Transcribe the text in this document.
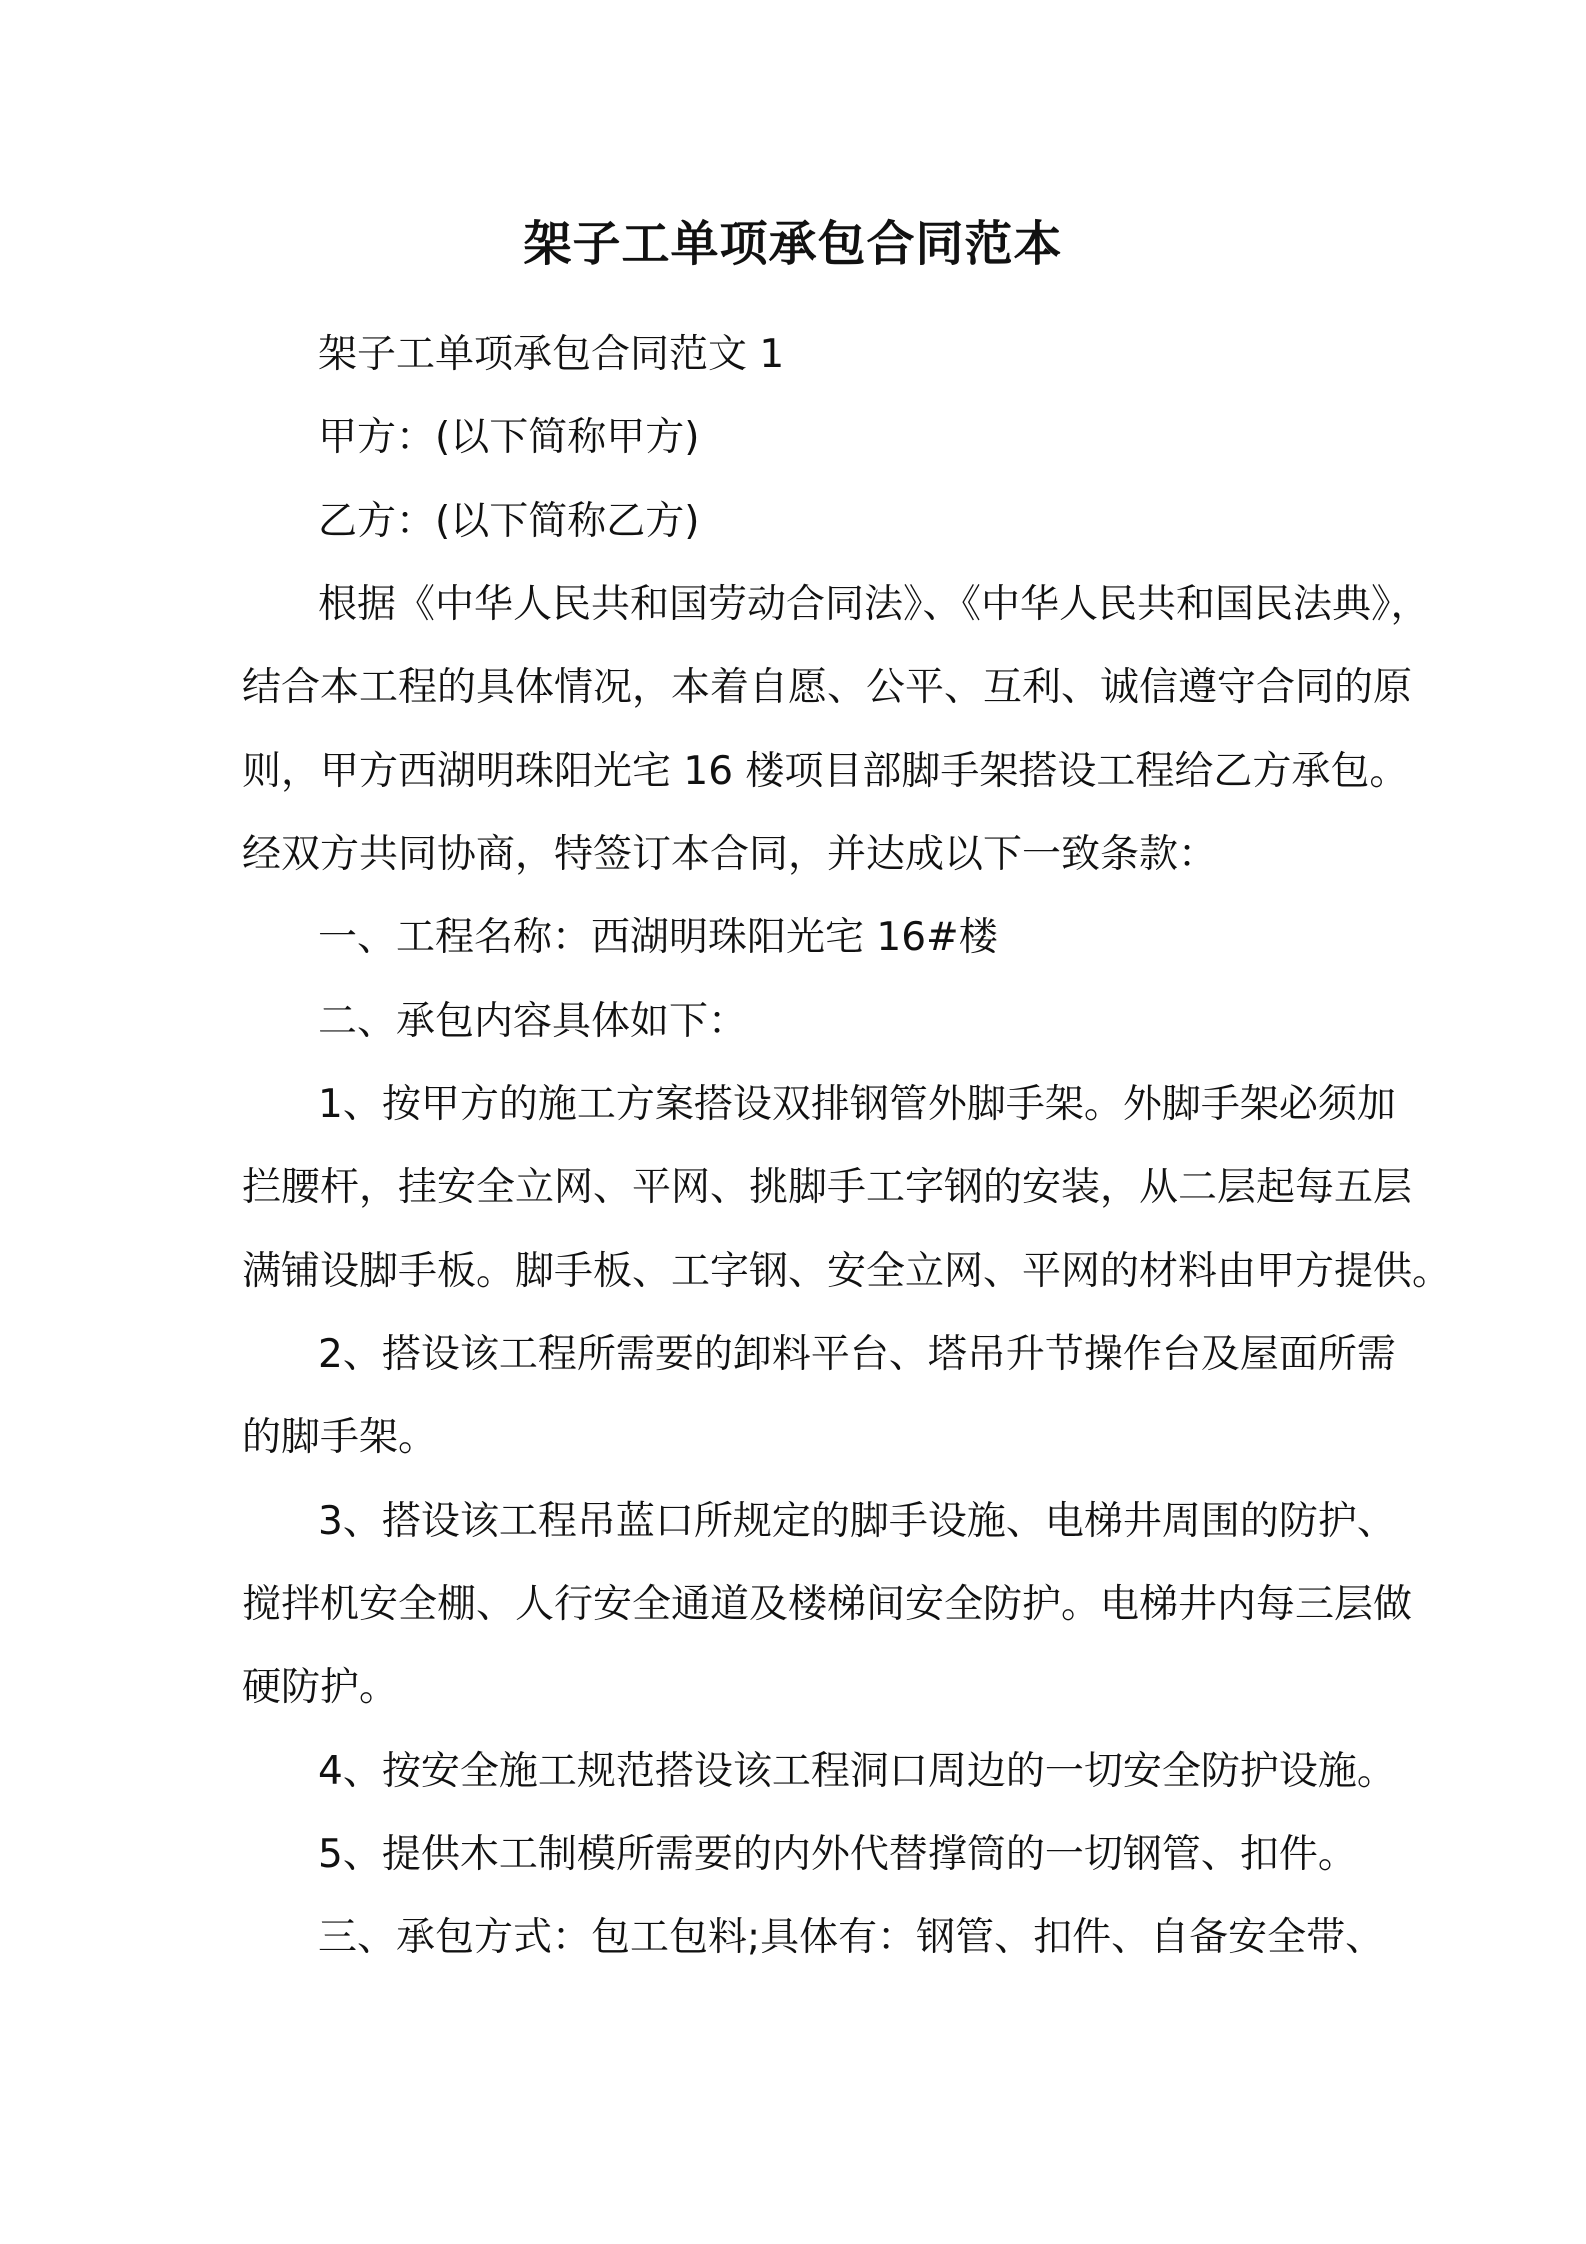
架子工单项承包合同范本
架子工单项承包合同范文 1
甲方：(以下简称甲方)
乙方：(以下简称乙方)
根据《中华人民共和国劳动合同法》、《中华人民共和国民法典》，
结合本工程的具体情况，本着自愿、公平、互利、诚信遵守合同的原
则，甲方西湖明珠阳光宅 16 楼项目部脚手架搭设工程给乙方承包。
经双方共同协商，特签订本合同，并达成以下一致条款：
一、工程名称：西湖明珠阳光宅 16#楼
二、承包内容具体如下：
1、按甲方的施工方案搭设双排钢管外脚手架。外脚手架必须加
拦腰杆，挂安全立网、平网、挑脚手工字钢的安装，从二层起每五层
满铺设脚手板。脚手板、工字钢、安全立网、平网的材料由甲方提供。
2、搭设该工程所需要的卸料平台、塔吊升节操作台及屋面所需
的脚手架。
3、搭设该工程吊蓝口所规定的脚手设施、电梯井周围的防护、
搅拌机安全棚、人行安全通道及楼梯间安全防护。电梯井内每三层做
硬防护。
4、按安全施工规范搭设该工程洞口周边的一切安全防护设施。
5、提供木工制模所需要的内外代替撑筒的一切钢管、扣件。
三、承包方式：包工包料;具体有：钢管、扣件、自备安全带、
